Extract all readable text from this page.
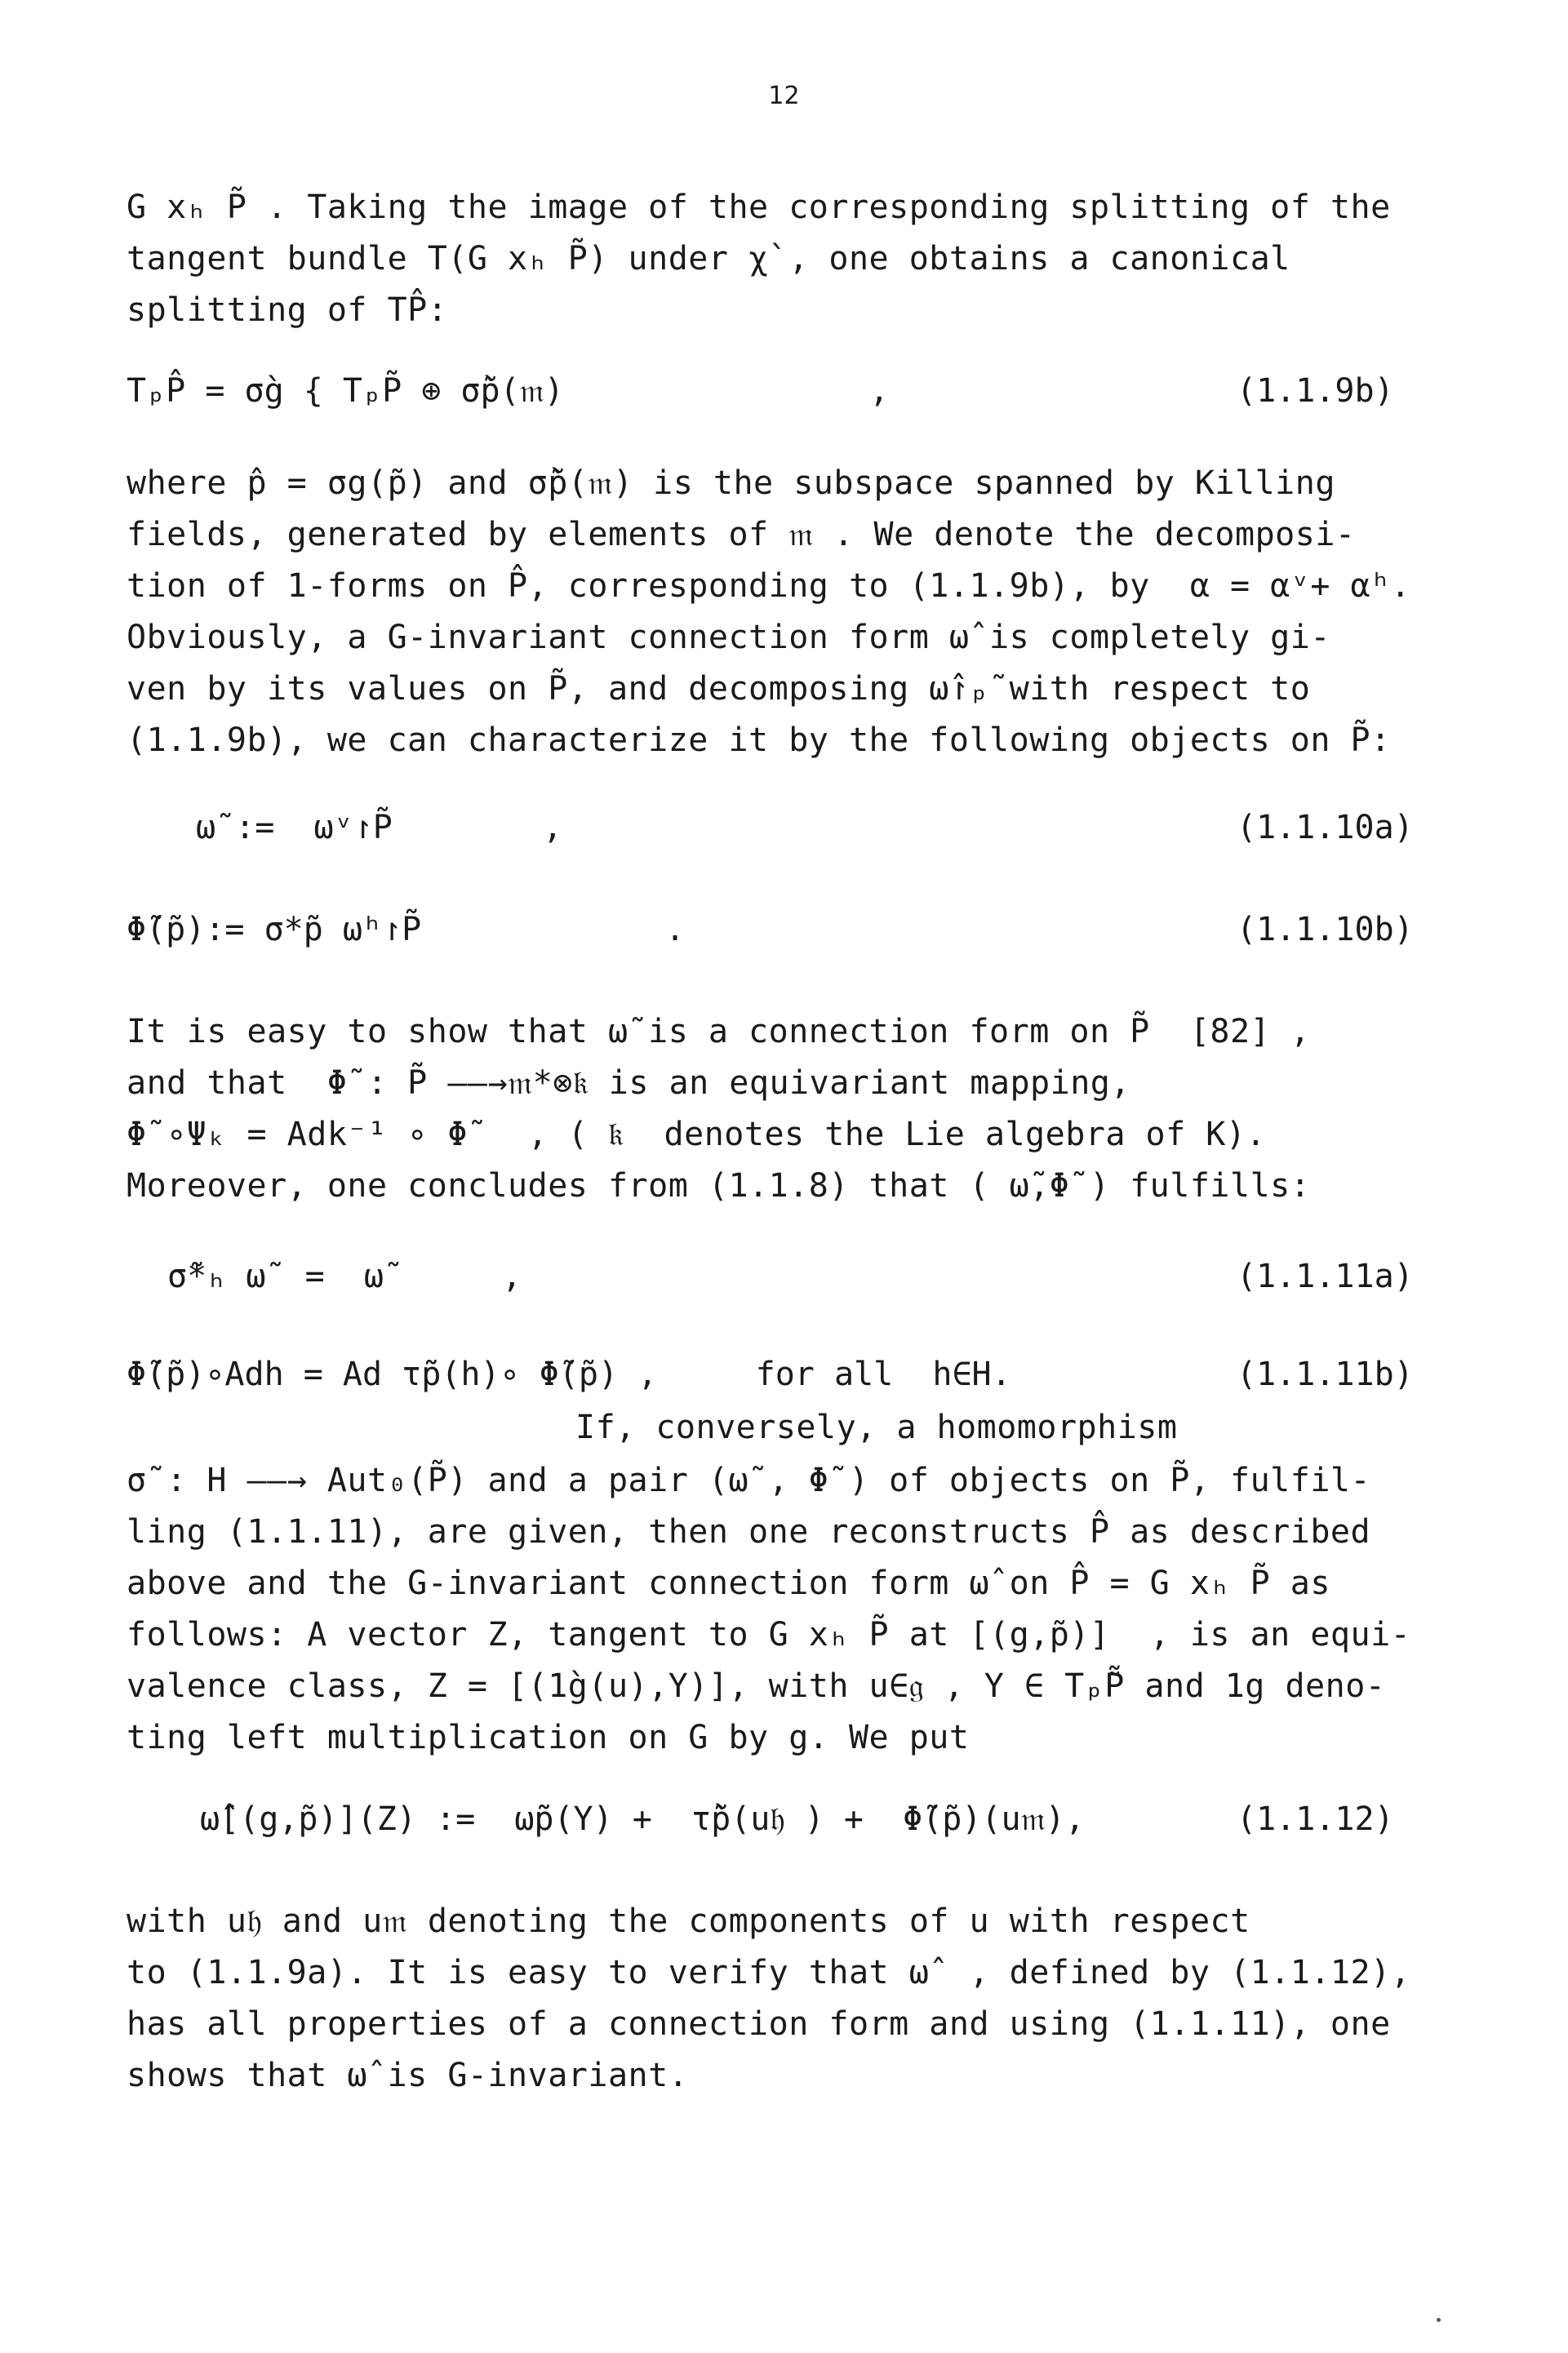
12
G xₕ P̃ . Taking the image of the corresponding splitting of the
tangent bundle T(G xₕ P̃) under χ̀ , one obtains a canonical
splitting of TP̂:
TₚP̂ = σ̀g { TₚP̃ ⊕ σ̀p̃(𝔪)	,	(1.1.9b)
where p̂ = σg(p̃) and σ̀p̃(𝔪) is the subspace spanned by Killing
fields, generated by elements of 𝔪 . We denote the decomposi-
tion of 1-forms on P̂, corresponding to (1.1.9b), by  α = αᵛ+ αʰ.
Obviously, a G-invariant connection form ω̂ is completely gi-
ven by its values on P̃, and decomposing ω̂↾ₚ̃ with respect to
(1.1.9b), we can characterize it by the following objects on P̃:
ω̃ :=  ωᵛ↾P̃	,	(1.1.10a)
Φ̃(p̃):= σ*p̃ ωʰ↾P̃	.	(1.1.10b)
It is easy to show that ω̃ is a connection form on P̃  [82] ,
and that  Φ̃ : P̃ ——→𝔪*⊗𝔨 is an equivariant mapping,
Φ̃ ∘Ψₖ = Adk⁻¹ ∘ Φ̃   , ( 𝔨  denotes the Lie algebra of K).
Moreover, one concludes from (1.1.8) that ( ω̃,Φ̃ ) fulfills:
σ̃*ₕ ω̃  =  ω̃	,	(1.1.11a)
Φ̃(p̃)∘Adh = Ad τ̃p̃(h)∘ Φ̃(p̃) ,     for all  h∈H.	(1.1.11b)
If, conversely, a homomorphism
σ̃ : H ——→ Aut₀(P̃) and a pair (ω̃ , Φ̃ ) of objects on P̃, fulfil-
ling (1.1.11), are given, then one reconstructs P̂ as described
above and the G-invariant connection form ω̂ on P̂ = G xₕ P̃ as
follows: A vector Z, tangent to G xₕ P̃ at [(g,p̃)]  , is an equi-
valence class, Z = [(1̀g(u),Y)], with u∈𝔤 , Y ∈ Tₚ̃P̃ and 1g deno-
ting left multiplication on G by g. We put
ω̂[(g,p̃)](Z) :=  ω̃p̃(Y) +  τ̃̀p̃(u𝔥 ) +  Φ̃(p̃)(u𝔪),	(1.1.12)
with u𝔥 and u𝔪 denoting the components of u with respect
to (1.1.9a). It is easy to verify that ω̂  , defined by (1.1.12),
has all properties of a connection form and using (1.1.11), one
shows that ω̂ is G-invariant.
